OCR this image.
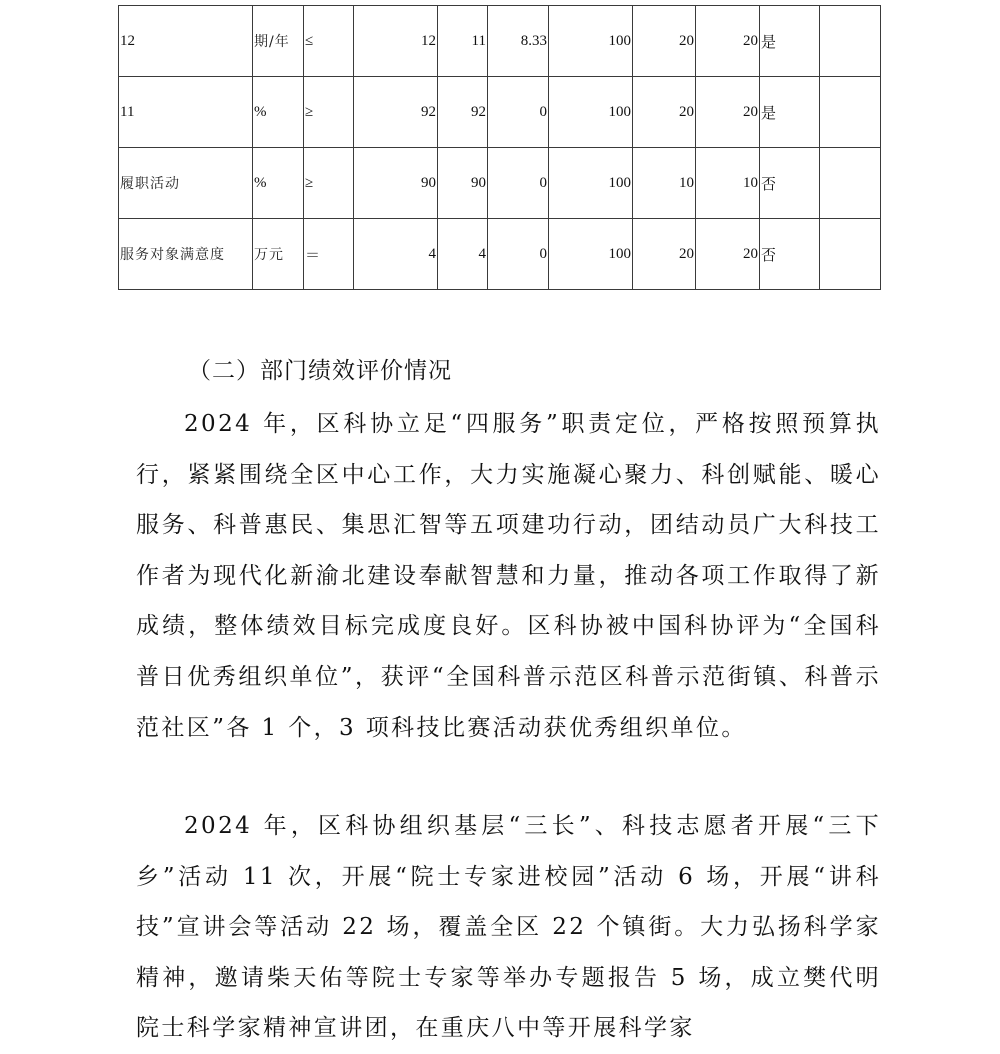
12	期/年	≤	12	11	8.33	100	20	20	是	
11	%	≥	92	92	0	100	20	20	是	
履职活动	%	≥	90	90	0	100	10	10	否	
服务对象满意度	万元	＝	4	4	0	100	20	20	否	
（二）部门绩效评价情况
2024 年，区科协立足“四服务”职责定位，严格按照预算执行，紧紧围绕全区中心工作，大力实施凝心聚力、科创赋能、暖心服务、科普惠民、集思汇智等五项建功行动，团结动员广大科技工作者为现代化新渝北建设奉献智慧和力量，推动各项工作取得了新成绩，整体绩效目标完成度良好。区科协被中国科协评为“全国科普日优秀组织单位”，获评“全国科普示范区科普示范街镇、科普示范社区”各 1 个，3 项科技比赛活动获优秀组织单位。
2024 年，区科协组织基层“三长”、科技志愿者开展“三下乡”活动 11 次，开展“院士专家进校园”活动 6 场，开展“讲科技”宣讲会等活动 22 场，覆盖全区 22 个镇街。大力弘扬科学家精神，邀请柴天佑等院士专家等举办专题报告 5 场，成立樊代明院士科学家精神宣讲团，在重庆八中等开展科学家
